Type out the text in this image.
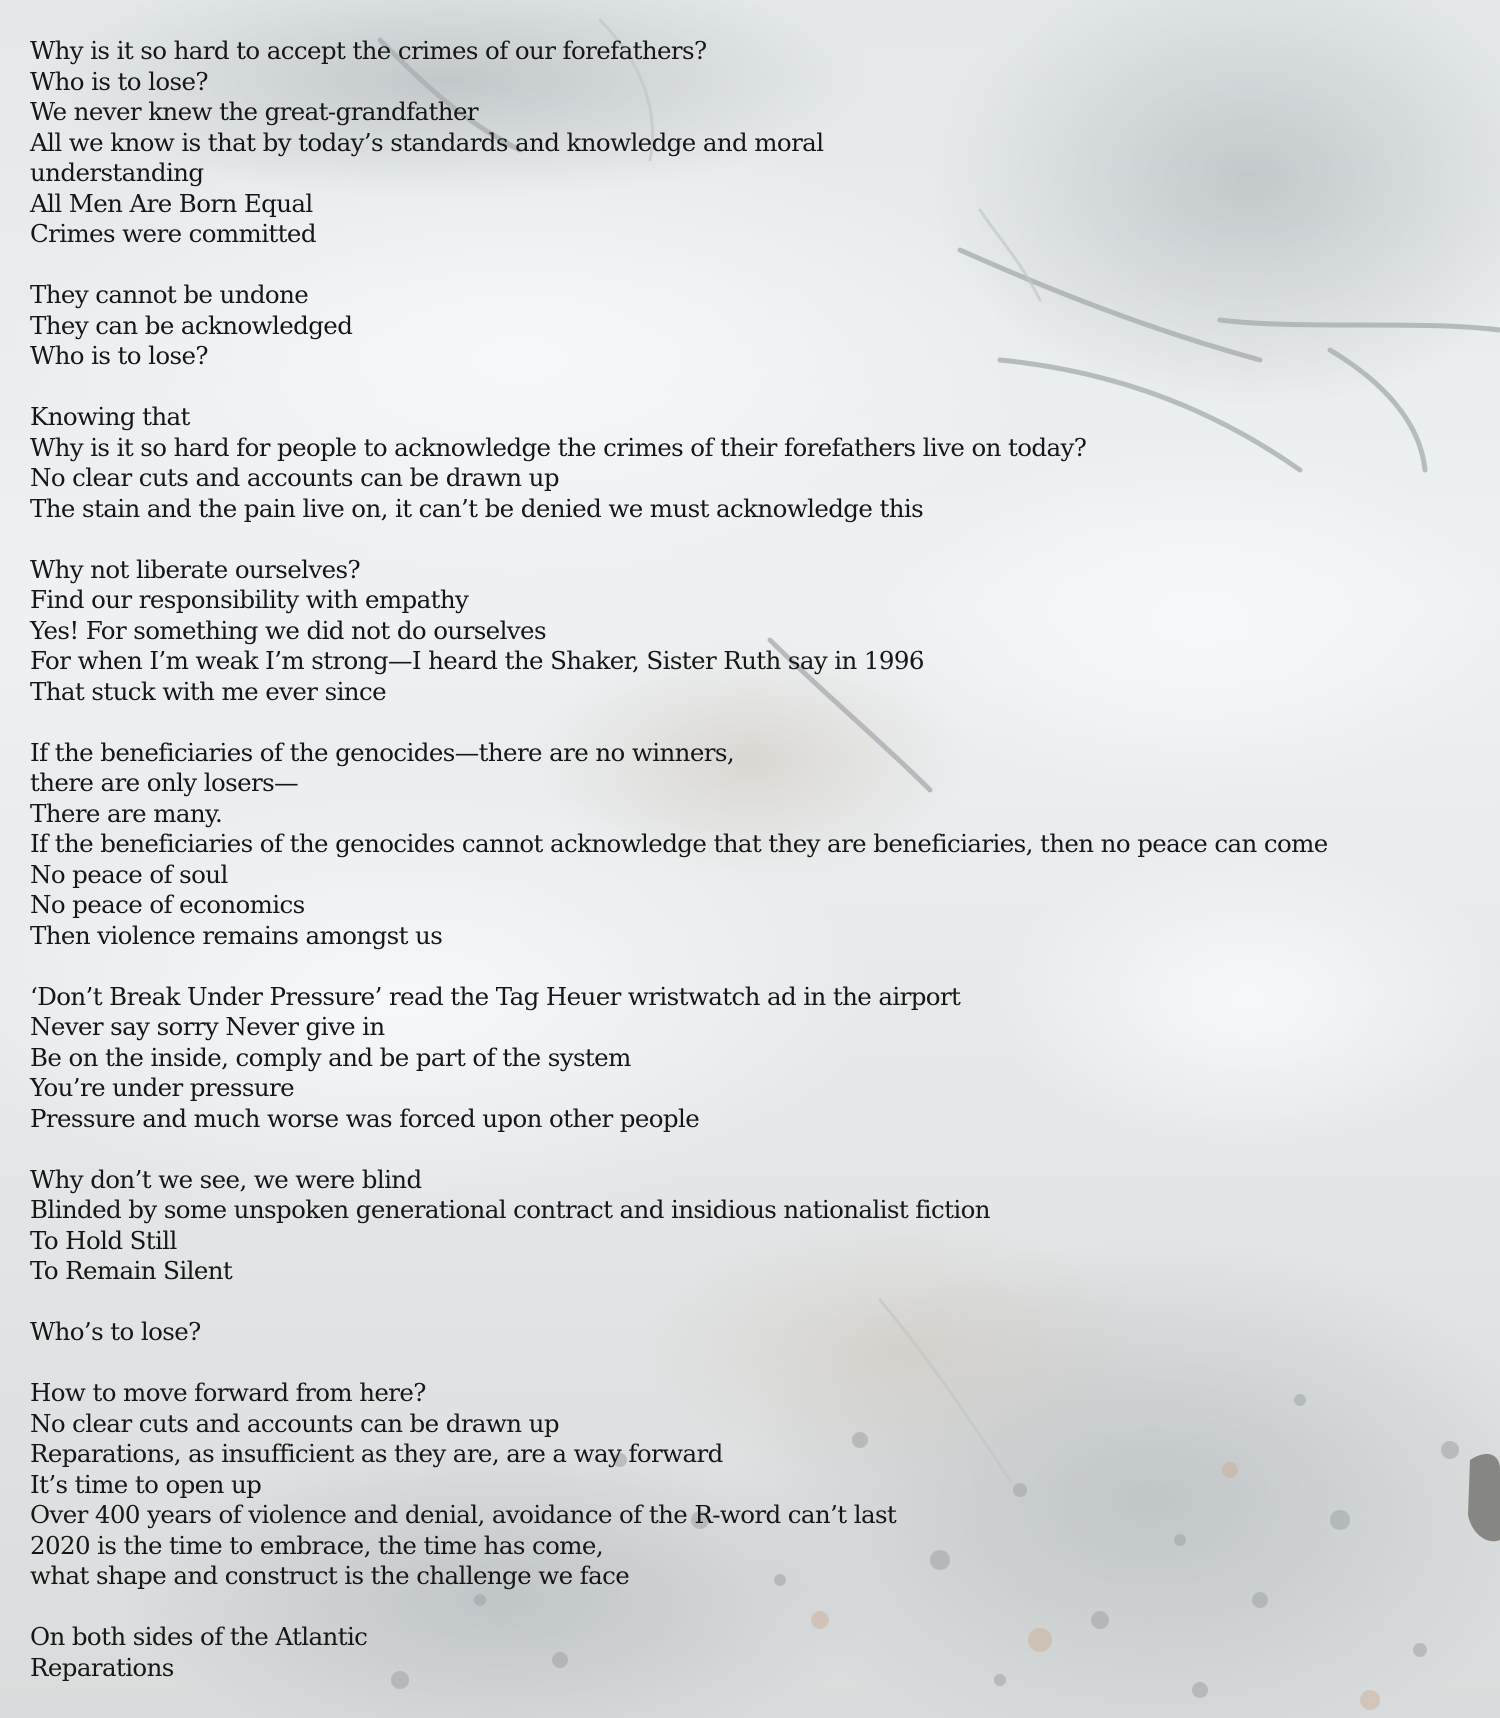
Why is it so hard to accept the crimes of our forefathers?
Who is to lose?
We never knew the great-grandfather
All we know is that by today’s standards and knowledge and moral
understanding
All Men Are Born Equal
Crimes were committed
They cannot be undone
They can be acknowledged
Who is to lose?
Knowing that
Why is it so hard for people to acknowledge the crimes of their forefathers live on today?
No clear cuts and accounts can be drawn up
The stain and the pain live on, it can’t be denied we must acknowledge this
Why not liberate ourselves?
Find our responsibility with empathy
Yes! For something we did not do ourselves
For when I’m weak I’m strong—I heard the Shaker, Sister Ruth say in 1996
That stuck with me ever since
If the beneficiaries of the genocides—there are no winners,
there are only losers—
There are many.
If the beneficiaries of the genocides cannot acknowledge that they are beneficiaries, then no peace can come
No peace of soul
No peace of economics
Then violence remains amongst us
‘Don’t Break Under Pressure’ read the Tag Heuer wristwatch ad in the airport
Never say sorry Never give in
Be on the inside, comply and be part of the system
You’re under pressure
Pressure and much worse was forced upon other people
Why don’t we see, we were blind
Blinded by some unspoken generational contract and insidious nationalist fiction
To Hold Still
To Remain Silent
Who’s to lose?
How to move forward from here?
No clear cuts and accounts can be drawn up
Reparations, as insufficient as they are, are a way forward
It’s time to open up
Over 400 years of violence and denial, avoidance of the R-word can’t last
2020 is the time to embrace, the time has come,
what shape and construct is the challenge we face
On both sides of the Atlantic
Reparations
